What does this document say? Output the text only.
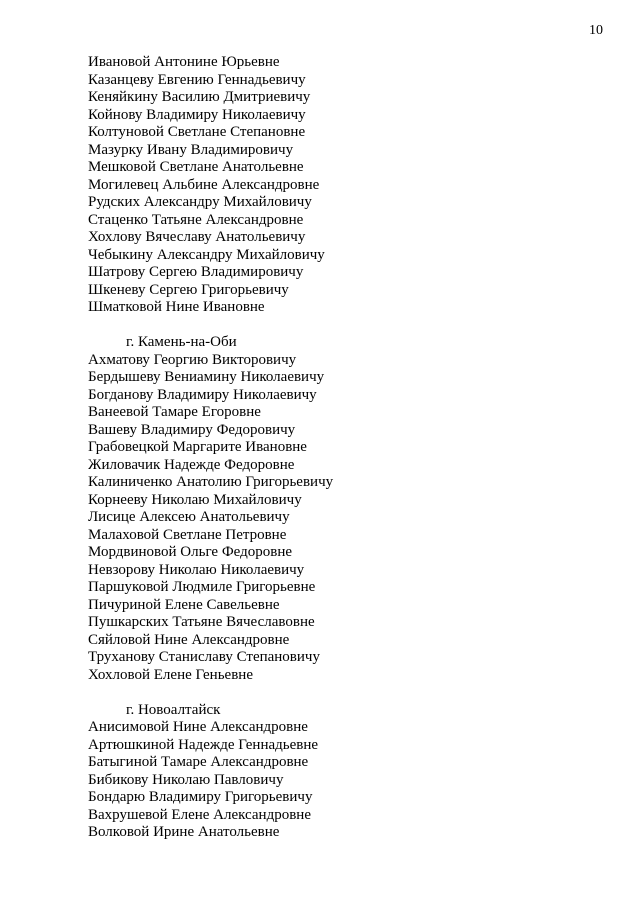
10
Ивановой Антонине Юрьевне
Казанцеву Евгению Геннадьевичу
Кеняйкину Василию Дмитриевичу
Койнову Владимиру Николаевичу
Колтуновой Светлане Степановне
Мазурку Ивану Владимировичу
Мешковой Светлане Анатольевне
Могилевец Альбине Александровне
Рудских Александру Михайловичу
Стаценко Татьяне Александровне
Хохлову Вячеславу Анатольевичу
Чебыкину Александру Михайловичу
Шатрову Сергею Владимировичу
Шкеневу Сергею Григорьевичу
Шматковой Нине Ивановне
г. Камень-на-Оби
Ахматову Георгию Викторовичу
Бердышеву Вениамину Николаевичу
Богданову Владимиру Николаевичу
Ванеевой Тамаре Егоровне
Вашеву Владимиру Федоровичу
Грабовецкой Маргарите Ивановне
Жиловачик Надежде Федоровне
Калиниченко Анатолию Григорьевичу
Корнееву Николаю Михайловичу
Лисице Алексею Анатольевичу
Малаховой Светлане Петровне
Мордвиновой Ольге Федоровне
Невзорову Николаю Николаевичу
Паршуковой Людмиле Григорьевне
Пичуриной Елене Савельевне
Пушкарских Татьяне Вячеславовне
Сяйловой Нине Александровне
Труханову Станиславу Степановичу
Хохловой Елене Геньевне
г. Новоалтайск
Анисимовой Нине Александровне
Артюшкиной Надежде Геннадьевне
Батыгиной Тамаре Александровне
Бибикову Николаю Павловичу
Бондарю Владимиру Григорьевичу
Вахрушевой Елене Александровне
Волковой Ирине Анатольевне
